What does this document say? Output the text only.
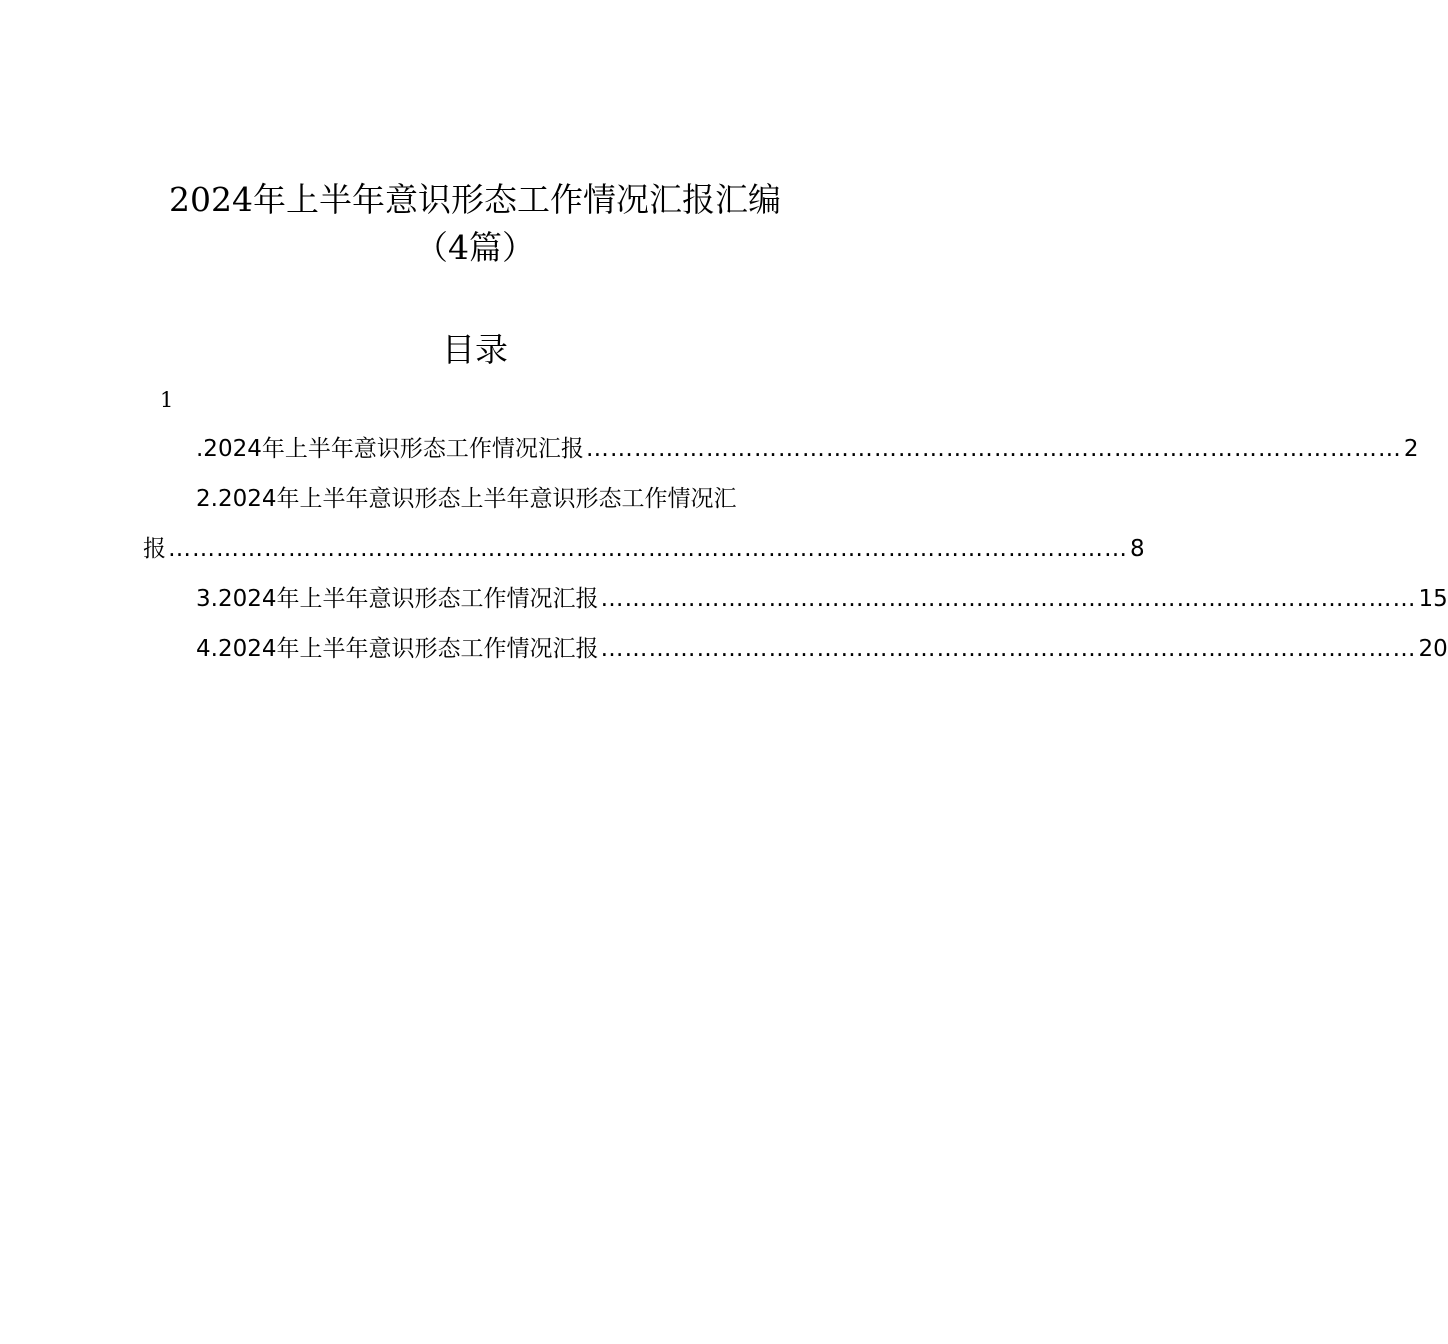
2024年上半年意识形态工作情况汇报汇编
（4篇）
目录
1
.2024年上半年意识形态工作情况汇报 ………………………………………………………………………………………… 2
2.2024年上半年意识形态上半年意识形态工作情况汇
报 ………………………………………………………………………………………………………… 8
3.2024年上半年意识形态工作情况汇报 ………………………………………………………………………………………… 15
4.2024年上半年意识形态工作情况汇报 ………………………………………………………………………………………… 20
